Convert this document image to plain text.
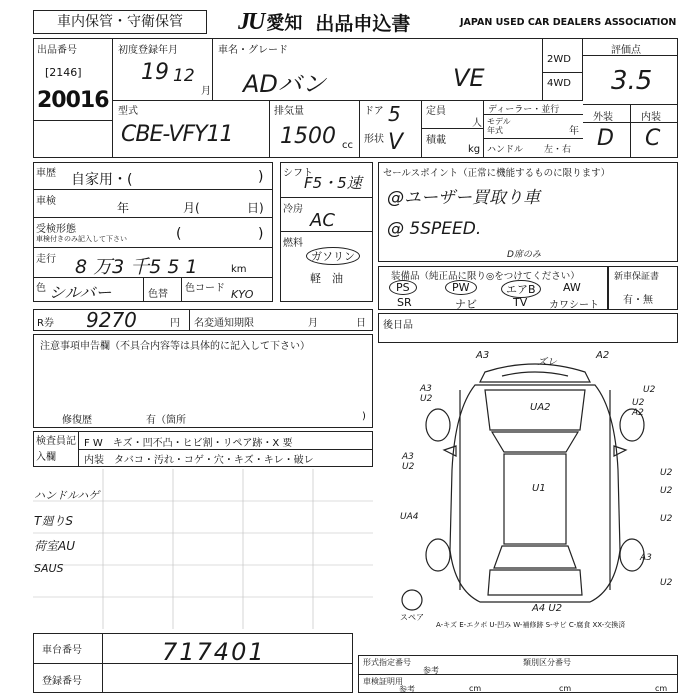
車内保管・守衛保管	JU 愛知 出品申込書	JAPAN USED CAR DEALERS ASSOCIATION
出品番号
[2146]
20016
初度登録年月
19 12
月
車名・グレード
ADバン	VE
2WD
4WD
評価点
3.5
外装	内装
D C
型式
CBE-VFY11
排気量
1500 cc
ドア 5
形状 V
定員
人
積載
kg
ディーラー・並行
モデル年式	年
ハンドル 左・右
車歴 自家用・(	)
車検	年	月(	日)
受検形態
車検付きのみ記入して下さい	(	)
走行 8 万3 千5 5 1	km
色 シルバー	色替
色コード KYO
R券 9270	円 名変通知期限	月	日
シフト
F5・5速
冷房
AC
燃料
ガソリン
軽　油
セールスポイント（正常に機能するものに限ります）
@ユーザー買取り車
@ 5SPEED.
D席のみ
装備品（純正品に限り◎をつけてください）
PS	PW	エアB	AW
SR	ナビ	TV カワシート
新車保証書
有・無
注意事項申告欄（不具合内容等は具体的に記入して下さい）
修復歴	有（箇所	)
後日品
検査員記入欄
F W　キズ・凹不凸・ヒビ割・リペア跡・X 要
内装　タバコ・汚れ・コゲ・穴・キズ・キレ・破レ
ハンドルハゲ
T廻りS
荷室AU
SAUS
A3
ズレ
A2
A3 U2
U2
UA2	U2 A2
A3 U2
U1
U2
U2
UA4	U2
U2
A4 U2
A3
スペア
A-キズ E-エクボ U-凹み W-補修跡 S-サビ C-腐食 XX-交換済
車台番号	717401
登録番号
形式指定番号	類別区分番号
参考
車検証明用
参考	cm	cm	cm
